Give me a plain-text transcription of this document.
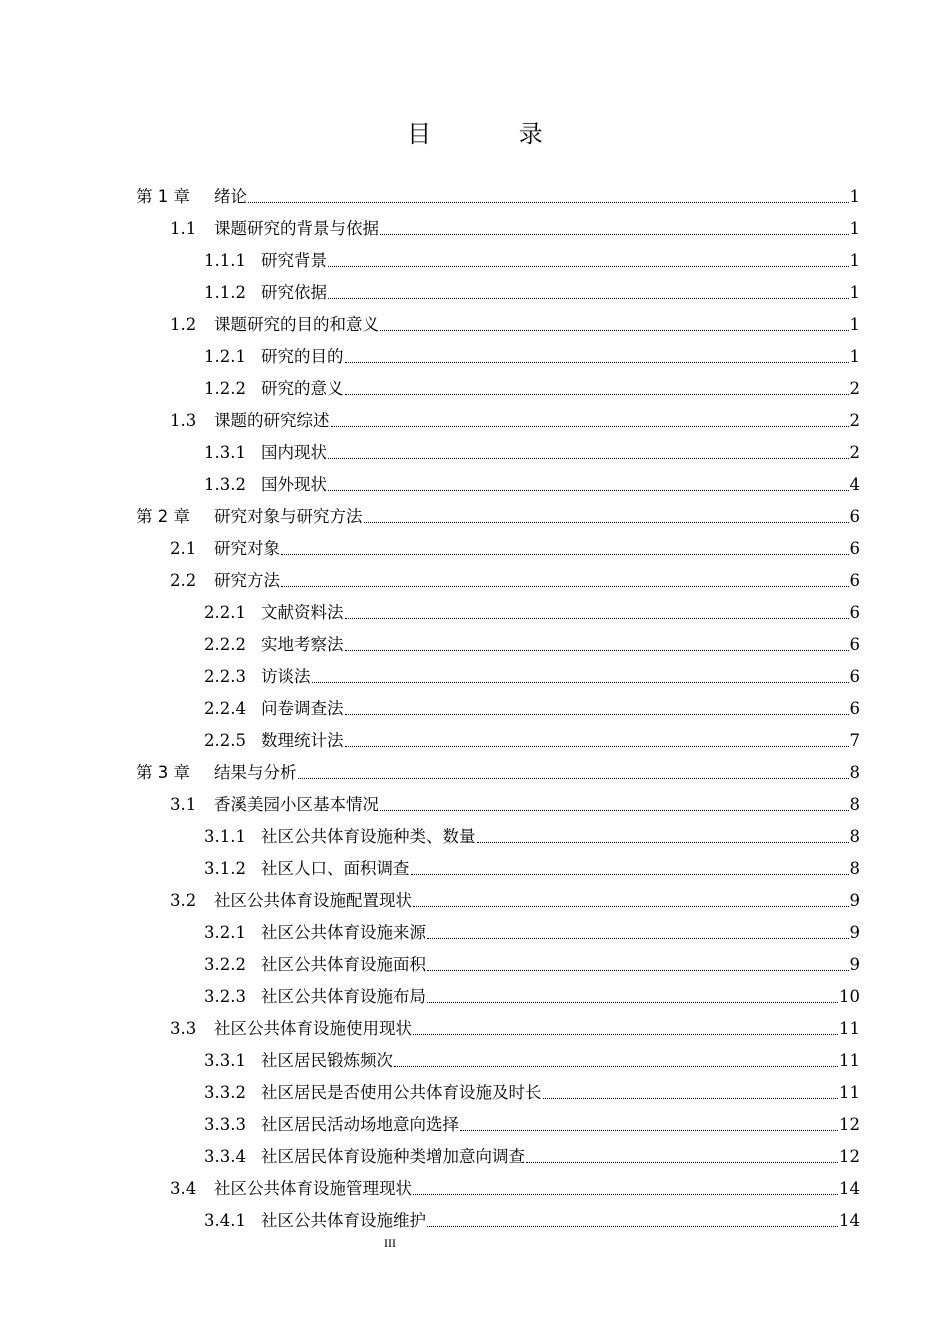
目 录
第 1 章	绪论	1
1.1	课题研究的背景与依据	1
1.1.1 研究背景	1
1.1.2 研究依据	1
1.2	课题研究的目的和意义	1
1.2.1 研究的目的	1
1.2.2 研究的意义	2
1.3	课题的研究综述	2
1.3.1 国内现状	2
1.3.2 国外现状	4
第 2 章	研究对象与研究方法	6
2.1	研究对象	6
2.2	研究方法	6
2.2.1 文献资料法	6
2.2.2 实地考察法	6
2.2.3 访谈法	6
2.2.4 问卷调查法	6
2.2.5 数理统计法	7
第 3 章	结果与分析	8
3.1	香溪美园小区基本情况	8
3.1.1 社区公共体育设施种类、数量	8
3.1.2 社区人口、面积调查	8
3.2	社区公共体育设施配置现状	9
3.2.1 社区公共体育设施来源	9
3.2.2 社区公共体育设施面积	9
3.2.3 社区公共体育设施布局	10
3.3	社区公共体育设施使用现状	11
3.3.1 社区居民锻炼频次	11
3.3.2 社区居民是否使用公共体育设施及时长	11
3.3.3 社区居民活动场地意向选择	12
3.3.4 社区居民体育设施种类增加意向调查	12
3.4	社区公共体育设施管理现状	14
3.4.1 社区公共体育设施维护	14
III
